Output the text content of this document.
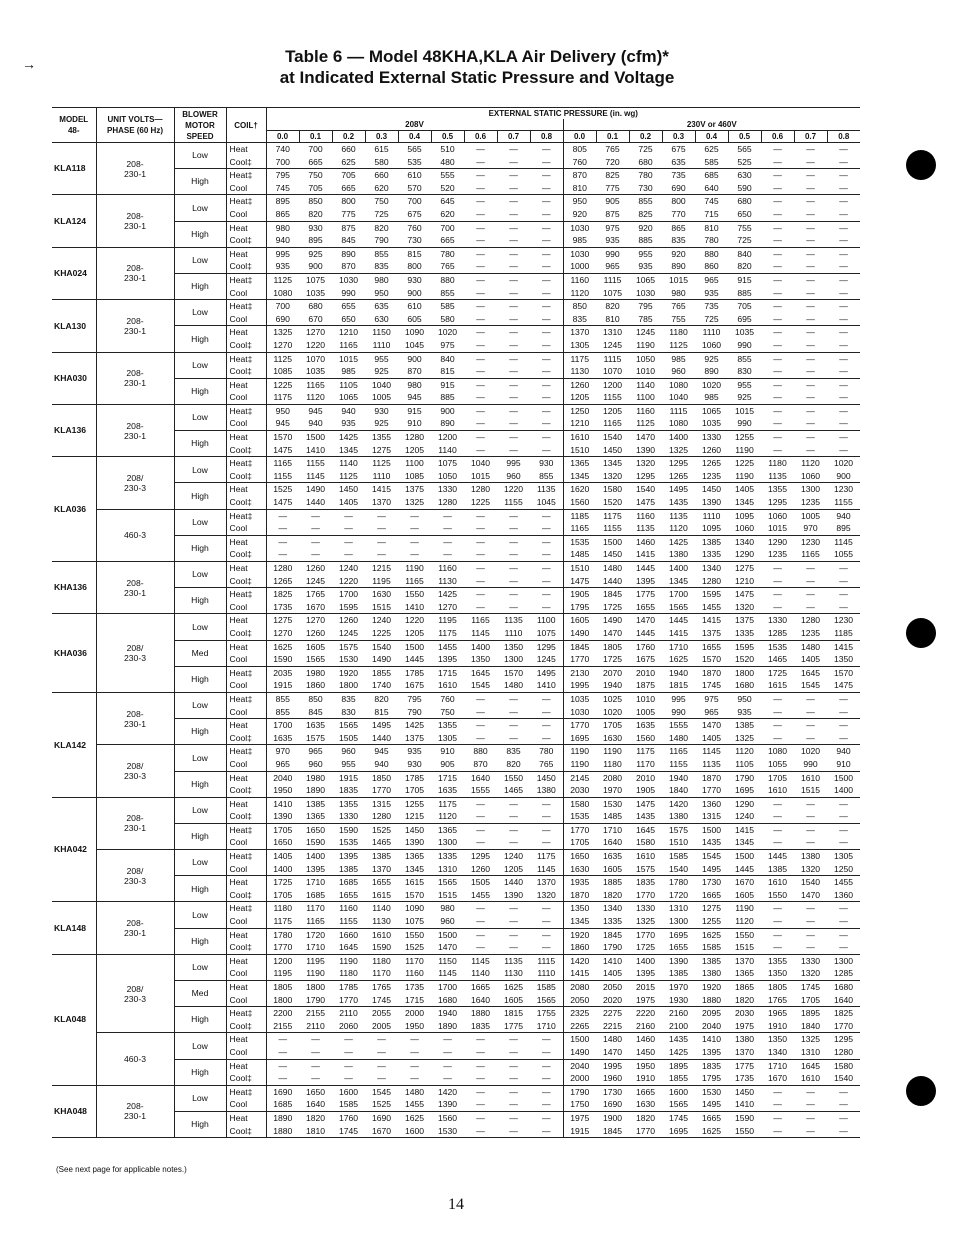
→	Table 6 — Model 48KHA,KLA Air Delivery (cfm)*
at Indicated External Static Pressure and Voltage
MODEL 48-	UNIT VOLTS— PHASE (60 Hz)	BLOWER MOTOR SPEED	COIL†	EXTERNAL STATIC PRESSURE (in. wg)																	
				208V									230V or 460V								
				0.0	0.1	0.2	0.3	0.4	0.5	0.6	0.7	0.8	0.0	0.1	0.2	0.3	0.4	0.5	0.6	0.7	0.8
KLA118	208-
230-1	Low	Heat	740	700	660	615	565	510	—	—	—	805	765	725	675	625	565	—	—	—
			Cool‡	700	665	625	580	535	480	—	—	—	760	720	680	635	585	525	—	—	—
		High	Heat‡	795	750	705	660	610	555	—	—	—	870	825	780	735	685	630	—	—	—
			Cool	745	705	665	620	570	520	—	—	—	810	775	730	690	640	590	—	—	—
KLA124	208-
230-1	Low	Heat‡	895	850	800	750	700	645	—	—	—	950	905	855	800	745	680	—	—	—
			Cool	865	820	775	725	675	620	—	—	—	920	875	825	770	715	650	—	—	—
		High	Heat	980	930	875	820	760	700	—	—	—	1030	975	920	865	810	755	—	—	—
			Cool‡	940	895	845	790	730	665	—	—	—	985	935	885	835	780	725	—	—	—
KHA024	208-
230-1	Low	Heat	995	925	890	855	815	780	—	—	—	1030	990	955	920	880	840	—	—	—
			Cool‡	935	900	870	835	800	765	—	—	—	1000	965	935	890	860	820	—	—	—
		High	Heat‡	1125	1075	1030	980	930	880	—	—	—	1160	1115	1065	1015	965	915	—	—	—
			Cool	1080	1035	990	950	900	855	—	—	—	1120	1075	1030	980	935	885	—	—	—
KLA130	208-
230-1	Low	Heat‡	700	680	655	635	610	585	—	—	—	850	820	795	765	735	705	—	—	—
			Cool	690	670	650	630	605	580	—	—	—	835	810	785	755	725	695	—	—	—
		High	Heat	1325	1270	1210	1150	1090	1020	—	—	—	1370	1310	1245	1180	1110	1035	—	—	—
			Cool‡	1270	1220	1165	1110	1045	975	—	—	—	1305	1245	1190	1125	1060	990	—	—	—
KHA030	208-
230-1	Low	Heat‡	1125	1070	1015	955	900	840	—	—	—	1175	1115	1050	985	925	855	—	—	—
			Cool‡	1085	1035	985	925	870	815	—	—	—	1130	1070	1010	960	890	830	—	—	—
		High	Heat	1225	1165	1105	1040	980	915	—	—	—	1260	1200	1140	1080	1020	955	—	—	—
			Cool	1175	1120	1065	1005	945	885	—	—	—	1205	1155	1100	1040	985	925	—	—	—
KLA136	208-
230-1	Low	Heat‡	950	945	940	930	915	900	—	—	—	1250	1205	1160	1115	1065	1015	—	—	—
			Cool	945	940	935	925	910	890	—	—	—	1210	1165	1125	1080	1035	990	—	—	—
		High	Heat	1570	1500	1425	1355	1280	1200	—	—	—	1610	1540	1470	1400	1330	1255	—	—	—
			Cool‡	1475	1410	1345	1275	1205	1140	—	—	—	1510	1450	1390	1325	1260	1190	—	—	—
KLA036	208/
230-3	Low	Heat‡	1165	1155	1140	1125	1100	1075	1040	995	930	1365	1345	1320	1295	1265	1225	1180	1120	1020
			Cool‡	1155	1145	1125	1110	1085	1050	1015	960	855	1345	1320	1295	1265	1235	1190	1135	1060	900
		High	Heat	1525	1490	1450	1415	1375	1330	1280	1220	1135	1620	1580	1540	1495	1450	1405	1355	1300	1230
			Cool‡	1475	1440	1405	1370	1325	1280	1225	1155	1045	1560	1520	1475	1435	1390	1345	1295	1235	1155
	460-3	Low	Heat‡	—	—	—	—	—	—	—	—	—	1185	1175	1160	1135	1110	1095	1060	1005	940
			Cool	—	—	—	—	—	—	—	—	—	1165	1155	1135	1120	1095	1060	1015	970	895
		High	Heat	—	—	—	—	—	—	—	—	—	1535	1500	1460	1425	1385	1340	1290	1230	1145
			Cool‡	—	—	—	—	—	—	—	—	—	1485	1450	1415	1380	1335	1290	1235	1165	1055
KHA136	208-
230-1	Low	Heat	1280	1260	1240	1215	1190	1160	—	—	—	1510	1480	1445	1400	1340	1275	—	—	—
			Cool‡	1265	1245	1220	1195	1165	1130	—	—	—	1475	1440	1395	1345	1280	1210	—	—	—
		High	Heat‡	1825	1765	1700	1630	1550	1425	—	—	—	1905	1845	1775	1700	1595	1475	—	—	—
			Cool	1735	1670	1595	1515	1410	1270	—	—	—	1795	1725	1655	1565	1455	1320	—	—	—
KHA036	208/
230-3	Low	Heat	1275	1270	1260	1240	1220	1195	1165	1135	1100	1605	1490	1470	1445	1415	1375	1330	1280	1230
			Cool‡	1270	1260	1245	1225	1205	1175	1145	1110	1075	1490	1470	1445	1415	1375	1335	1285	1235	1185
		Med	Heat	1625	1605	1575	1540	1500	1455	1400	1350	1295	1845	1805	1760	1710	1655	1595	1535	1480	1415
			Cool	1590	1565	1530	1490	1445	1395	1350	1300	1245	1770	1725	1675	1625	1570	1520	1465	1405	1350
		High	Heat‡	2035	1980	1920	1855	1785	1715	1645	1570	1495	2130	2070	2010	1940	1870	1800	1725	1645	1570
			Cool	1915	1860	1800	1740	1675	1610	1545	1480	1410	1995	1940	1875	1815	1745	1680	1615	1545	1475
KLA142	208-
230-1	Low	Heat‡	855	850	835	820	795	760	—	—	—	1035	1025	1010	995	975	950	—	—	—
			Cool	855	845	830	815	790	750	—	—	—	1030	1020	1005	990	965	935	—	—	—
		High	Heat	1700	1635	1565	1495	1425	1355	—	—	—	1770	1705	1635	1555	1470	1385	—	—	—
			Cool‡	1635	1575	1505	1440	1375	1305	—	—	—	1695	1630	1560	1480	1405	1325	—	—	—
	208/
230-3	Low	Heat‡	970	965	960	945	935	910	880	835	780	1190	1190	1175	1165	1145	1120	1080	1020	940
			Cool	965	960	955	940	930	905	870	820	765	1190	1180	1170	1155	1135	1105	1055	990	910
		High	Heat	2040	1980	1915	1850	1785	1715	1640	1550	1450	2145	2080	2010	1940	1870	1790	1705	1610	1500
			Cool‡	1950	1890	1835	1770	1705	1635	1555	1465	1380	2030	1970	1905	1840	1770	1695	1610	1515	1400
KHA042	208-
230-1	Low	Heat	1410	1385	1355	1315	1255	1175	—	—	—	1580	1530	1475	1420	1360	1290	—	—	—
			Cool‡	1390	1365	1330	1280	1215	1120	—	—	—	1535	1485	1435	1380	1315	1240	—	—	—
		High	Heat‡	1705	1650	1590	1525	1450	1365	—	—	—	1770	1710	1645	1575	1500	1415	—	—	—
			Cool	1650	1590	1535	1465	1390	1300	—	—	—	1705	1640	1580	1510	1435	1345	—	—	—
	208/
230-3	Low	Heat‡	1405	1400	1395	1385	1365	1335	1295	1240	1175	1650	1635	1610	1585	1545	1500	1445	1380	1305
			Cool	1400	1395	1385	1370	1345	1310	1260	1205	1145	1630	1605	1575	1540	1495	1445	1385	1320	1250
		High	Heat	1725	1710	1685	1655	1615	1565	1505	1440	1370	1935	1885	1835	1780	1730	1670	1610	1540	1455
			Cool‡	1705	1685	1655	1615	1570	1515	1455	1390	1320	1870	1820	1770	1720	1665	1605	1550	1470	1360
KLA148	208-
230-1	Low	Heat‡	1180	1170	1160	1140	1090	980	—	—	—	1350	1340	1330	1310	1275	1190	—	—	—
			Cool	1175	1165	1155	1130	1075	960	—	—	—	1345	1335	1325	1300	1255	1120	—	—	—
		High	Heat	1780	1720	1660	1610	1550	1500	—	—	—	1920	1845	1770	1695	1625	1550	—	—	—
			Cool‡	1770	1710	1645	1590	1525	1470	—	—	—	1860	1790	1725	1655	1585	1515	—	—	—
KLA048	208/
230-3	Low	Heat	1200	1195	1190	1180	1170	1150	1145	1135	1115	1420	1410	1400	1390	1385	1370	1355	1330	1300
			Cool	1195	1190	1180	1170	1160	1145	1140	1130	1110	1415	1405	1395	1385	1380	1365	1350	1320	1285
		Med	Heat	1805	1800	1785	1765	1735	1700	1665	1625	1585	2080	2050	2015	1970	1920	1865	1805	1745	1680
			Cool	1800	1790	1770	1745	1715	1680	1640	1605	1565	2050	2020	1975	1930	1880	1820	1765	1705	1640
		High	Heat‡	2200	2155	2110	2055	2000	1940	1880	1815	1755	2325	2275	2220	2160	2095	2030	1965	1895	1825
			Cool‡	2155	2110	2060	2005	1950	1890	1835	1775	1710	2265	2215	2160	2100	2040	1975	1910	1840	1770
	460-3	Low	Heat	—	—	—	—	—	—	—	—	—	1500	1480	1460	1435	1410	1380	1350	1325	1295
			Cool	—	—	—	—	—	—	—	—	—	1490	1470	1450	1425	1395	1370	1340	1310	1280
		High	Heat	—	—	—	—	—	—	—	—	—	2040	1995	1950	1895	1835	1775	1710	1645	1580
			Cool‡	—	—	—	—	—	—	—	—	—	2000	1960	1910	1855	1795	1735	1670	1610	1540
KHA048	208-
230-1	Low	Heat‡	1690	1650	1600	1545	1480	1420	—	—	—	1790	1730	1665	1600	1530	1450	—	—	—
			Cool	1685	1640	1585	1525	1455	1390	—	—	—	1750	1690	1630	1565	1495	1410	—	—	—
		High	Heat	1890	1820	1760	1690	1625	1560	—	—	—	1975	1900	1820	1745	1665	1590	—	—	—
			Cool‡	1880	1810	1745	1670	1600	1530	—	—	—	1915	1845	1770	1695	1625	1550	—	—	—
(See next page for applicable notes.)
14
